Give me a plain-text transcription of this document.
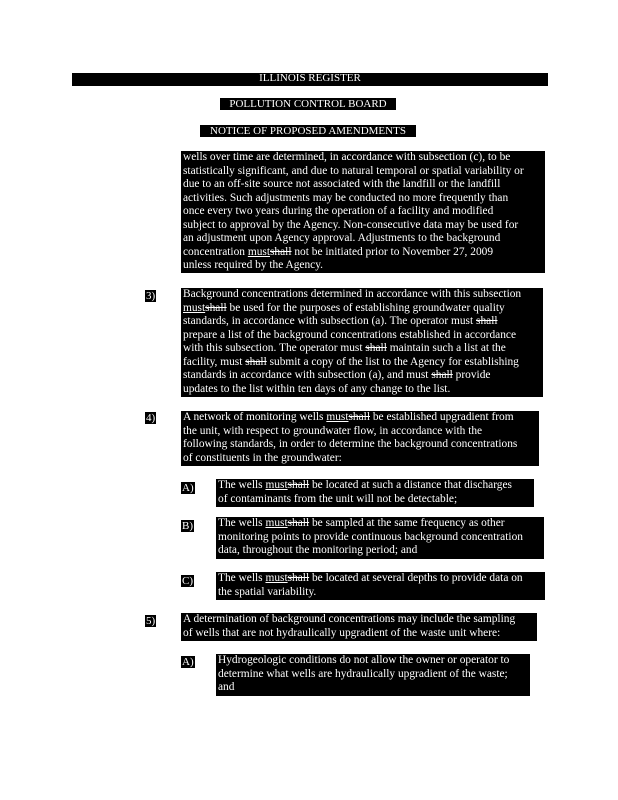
ILLINOIS REGISTER
POLLUTION CONTROL BOARD
NOTICE OF PROPOSED AMENDMENTS
wells over time are determined, in accordance with subsection (c), to be
statistically significant, and due to natural temporal or spatial variability or
due to an off-site source not associated with the landfill or the landfill
activities. Such adjustments may be conducted no more frequently than
once every two years during the operation of a facility and modified
subject to approval by the Agency. Non-consecutive data may be used for
an adjustment upon Agency approval. Adjustments to the background
concentration mustshall not be initiated prior to November 27, 2009
unless required by the Agency.
3) Background concentrations determined in accordance with this subsection
mustshall be used for the purposes of establishing groundwater quality
standards, in accordance with subsection (a). The operator must shall
prepare a list of the background concentrations established in accordance
with this subsection. The operator must shall maintain such a list at the
facility, must shall submit a copy of the list to the Agency for establishing
standards in accordance with subsection (a), and must shall provide
updates to the list within ten days of any change to the list.
4) A network of monitoring wells mustshall be established upgradient from
the unit, with respect to groundwater flow, in accordance with the
following standards, in order to determine the background concentrations
of constituents in the groundwater:
A) The wells mustshall be located at such a distance that discharges
of contaminants from the unit will not be detectable;
B) The wells mustshall be sampled at the same frequency as other
monitoring points to provide continuous background concentration
data, throughout the monitoring period; and
C) The wells mustshall be located at several depths to provide data on
the spatial variability.
5) A determination of background concentrations may include the sampling
of wells that are not hydraulically upgradient of the waste unit where:
A) Hydrogeologic conditions do not allow the owner or operator to
determine what wells are hydraulically upgradient of the waste;
and
